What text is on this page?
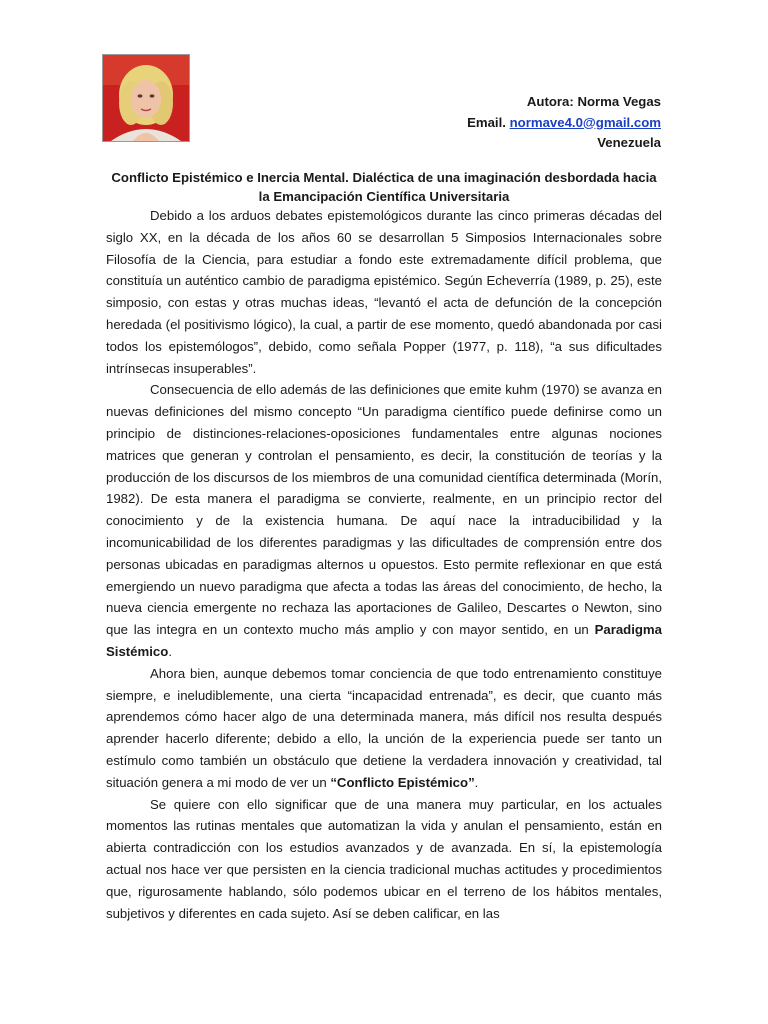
Autora: Norma Vegas
Email. normave4.0@gmail.com
Venezuela
Conflicto Epistémico e Inercia Mental. Dialéctica de una imaginación desbordada hacia la Emancipación Científica Universitaria

Debido a los arduos debates epistemológicos durante las cinco primeras décadas del siglo XX, en la década de los años 60 se desarrollan 5 Simposios Internacionales sobre Filosofía de la Ciencia, para estudiar a fondo este extremadamente difícil problema, que constituía un auténtico cambio de paradigma epistémico. Según Echeverría (1989, p. 25), este simposio, con estas y otras muchas ideas, “levantó el acta de defunción de la concepción heredada (el positivismo lógico), la cual, a partir de ese momento, quedó abandonada por casi todos los epistemólogos”, debido, como señala Popper (1977, p. 118), “a sus dificultades intrínsecas insuperables”.

Consecuencia de ello además de las definiciones que emite kuhm (1970) se avanza en nuevas definiciones del mismo concepto “Un paradigma científico puede definirse como un principio de distinciones-relaciones-oposiciones fundamentales entre algunas nociones matrices que generan y controlan el pensamiento, es decir, la constitución de teorías y la producción de los discursos de los miembros de una comunidad científica determinada (Morín, 1982). De esta manera el paradigma se convierte, realmente, en un principio rector del conocimiento y de la existencia humana. De aquí nace la intraducibilidad y la incomunicabilidad de los diferentes paradigmas y las dificultades de comprensión entre dos personas ubicadas en paradigmas alternos u opuestos. Esto permite reflexionar en que está emergiendo un nuevo paradigma que afecta a todas las áreas del conocimiento, de hecho, la nueva ciencia emergente no rechaza las aportaciones de Galileo, Descartes o Newton, sino que las integra en un contexto mucho más amplio y con mayor sentido, en un Paradigma Sistémico.

Ahora bien, aunque debemos tomar conciencia de que todo entrenamiento constituye siempre, e ineludiblemente, una cierta “incapacidad entrenada”, es decir, que cuanto más aprendemos cómo hacer algo de una determinada manera, más difícil nos resulta después aprender hacerlo diferente; debido a ello, la unción de la experiencia puede ser tanto un estímulo como también un obstáculo que detiene la verdadera innovación y creatividad, tal situación genera a mi modo de ver un “Conflicto Epistémico”.

Se quiere con ello significar que de una manera muy particular, en los actuales momentos las rutinas mentales que automatizan la vida y anulan el pensamiento, están en abierta contradicción con los estudios avanzados y de avanzada. En sí, la epistemología actual nos hace ver que persisten en la ciencia tradicional muchas actitudes y procedimientos que, rigurosamente hablando, sólo podemos ubicar en el terreno de los hábitos mentales, subjetivos y diferentes en cada sujeto. Así se deben calificar, en las
